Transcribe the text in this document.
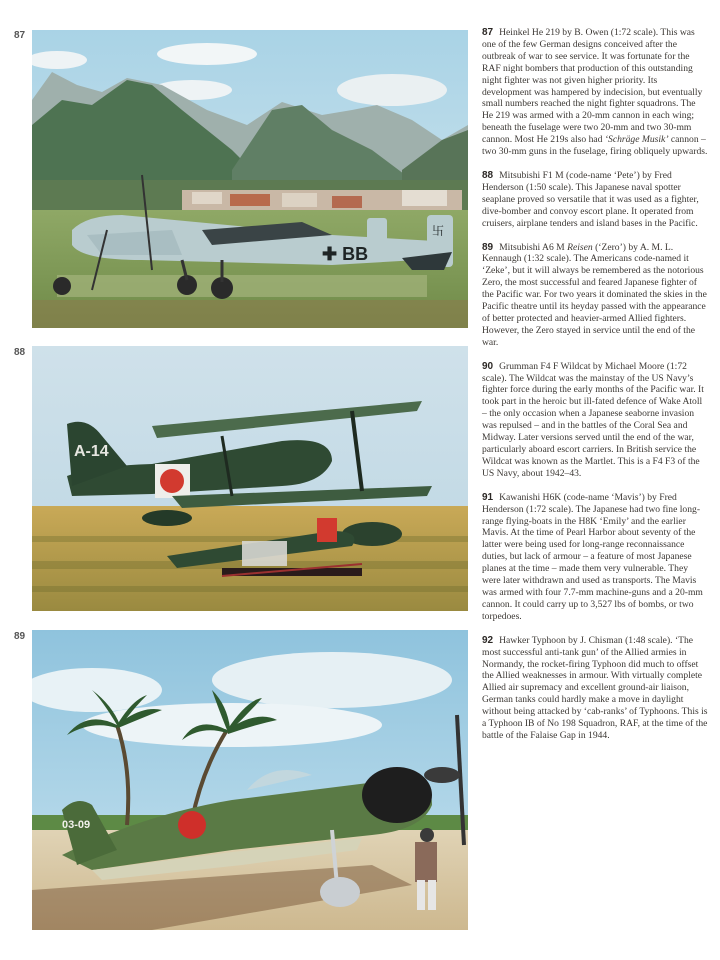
87
88
89
✚ BB
卐
A-14
03-09

87 Heinkel He 219 by B. Owen (1:72 scale). This was one of the few German designs conceived after the outbreak of war to see service. It was fortunate for the RAF night bombers that production of this outstanding night fighter was not given higher priority. Its development was hampered by indecision, but eventually small numbers reached the night fighter squadrons. The He 219 was armed with a 20-mm cannon in each wing; beneath the fuselage were two 20-mm and two 30-mm cannon. Most He 219s also had ‘Schräge Musik’ cannon – two 30-mm guns in the fuselage, firing obliquely upwards.

88 Mitsubishi F1 M (code-name ‘Pete’) by Fred Henderson (1:50 scale). This Japanese naval spotter seaplane proved so versatile that it was used as a fighter, dive-bomber and convoy escort plane. It operated from cruisers, airplane tenders and island bases in the Pacific.

89 Mitsubishi A6 M Reisen (‘Zero’) by A. M. L. Kennaugh (1:32 scale). The Americans code-named it ‘Zeke’, but it will always be remembered as the notorious Zero, the most successful and feared Japanese fighter of the Pacific war. For two years it dominated the skies in the Pacific theatre until its heyday passed with the appearance of better protected and heavier-armed Allied fighters. However, the Zero stayed in service until the end of the war.

90 Grumman F4 F Wildcat by Michael Moore (1:72 scale). The Wildcat was the mainstay of the US Navy’s fighter force during the early months of the Pacific war. It took part in the heroic but ill-fated defence of Wake Atoll – the only occasion when a Japanese seaborne invasion was repulsed – and in the battles of the Coral Sea and Midway. Later versions served until the end of the war, particularly aboard escort carriers. In British service the Wildcat was known as the Martlet. This is a F4 F3 of the US Navy, about 1942–43.

91 Kawanishi H6K (code-name ‘Mavis’) by Fred Henderson (1:72 scale). The Japanese had two fine long-range flying-boats in the H8K ‘Emily’ and the earlier Mavis. At the time of Pearl Harbor about seventy of the latter were being used for long-range reconnaissance duties, but lack of armour – a feature of most Japanese planes at the time – made them very vulnerable. They were later withdrawn and used as transports. The Mavis was armed with four 7.7-mm machine-guns and a 20-mm cannon. It could carry up to 3,527 lbs of bombs, or two torpedoes.

92 Hawker Typhoon by J. Chisman (1:48 scale). ‘The most successful anti-tank gun’ of the Allied armies in Normandy, the rocket-firing Typhoon did much to offset the Allied weaknesses in armour. With virtually complete Allied air supremacy and excellent ground-air liaison, German tanks could hardly make a move in daylight without being attacked by ‘cab-ranks’ of Typhoons. This is a Typhoon IB of No 198 Squadron, RAF, at the time of the battle of the Falaise Gap in 1944.
